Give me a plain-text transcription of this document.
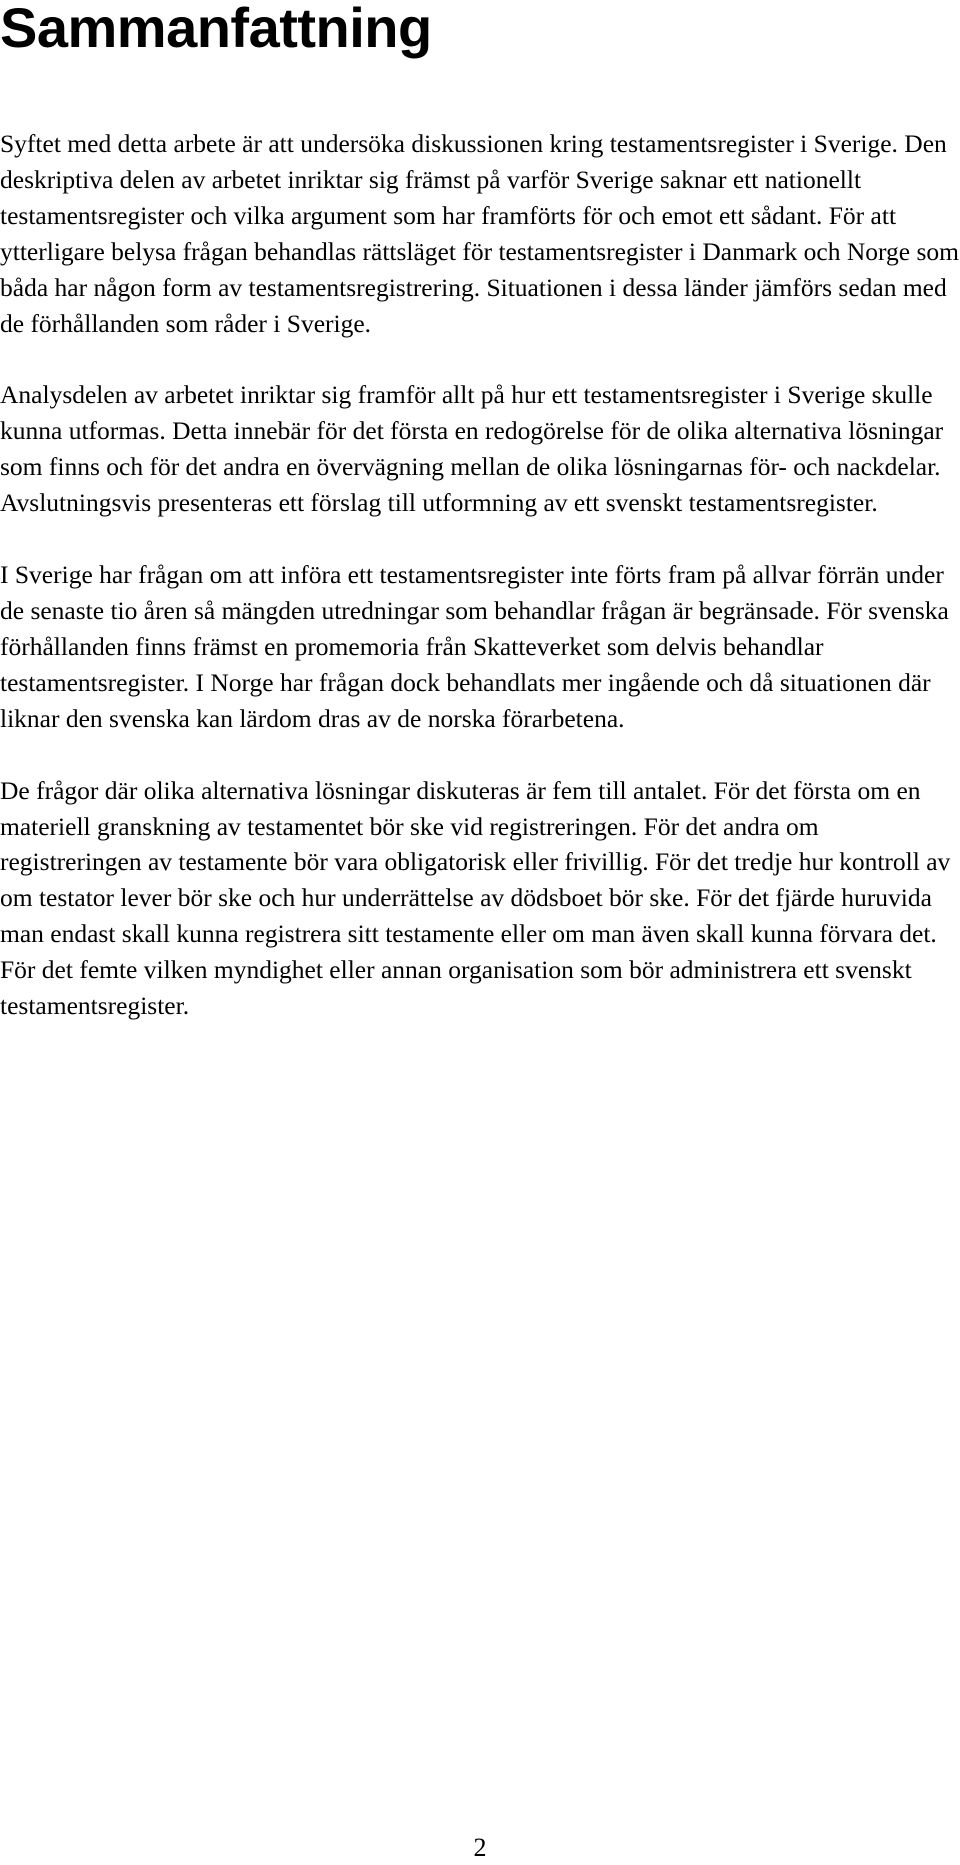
Sammanfattning

Syftet med detta arbete är att undersöka diskussionen kring testamentsregister i Sverige. Den deskriptiva delen av arbetet inriktar sig främst på varför Sverige saknar ett nationellt testamentsregister och vilka argument som har framförts för och emot ett sådant. För att ytterligare belysa frågan behandlas rättsläget för testamentsregister i Danmark och Norge som båda har någon form av testamentsregistrering. Situationen i dessa länder jämförs sedan med de förhållanden som råder i Sverige.

Analysdelen av arbetet inriktar sig framför allt på hur ett testamentsregister i Sverige skulle kunna utformas. Detta innebär för det första en redogörelse för de olika alternativa lösningar som finns och för det andra en övervägning mellan de olika lösningarnas för- och nackdelar. Avslutningsvis presenteras ett förslag till utformning av ett svenskt testamentsregister.

I Sverige har frågan om att införa ett testamentsregister inte förts fram på allvar förrän under de senaste tio åren så mängden utredningar som behandlar frågan är begränsade. För svenska förhållanden finns främst en promemoria från Skatteverket som delvis behandlar testamentsregister. I Norge har frågan dock behandlats mer ingående och då situationen där liknar den svenska kan lärdom dras av de norska förarbetena.

De frågor där olika alternativa lösningar diskuteras är fem till antalet. För det första om en materiell granskning av testamentet bör ske vid registreringen. För det andra om registreringen av testamente bör vara obligatorisk eller frivillig. För det tredje hur kontroll av om testator lever bör ske och hur underrättelse av dödsboet bör ske. För det fjärde huruvida man endast skall kunna registrera sitt testamente eller om man även skall kunna förvara det. För det femte vilken myndighet eller annan organisation som bör administrera ett svenskt testamentsregister.

2
